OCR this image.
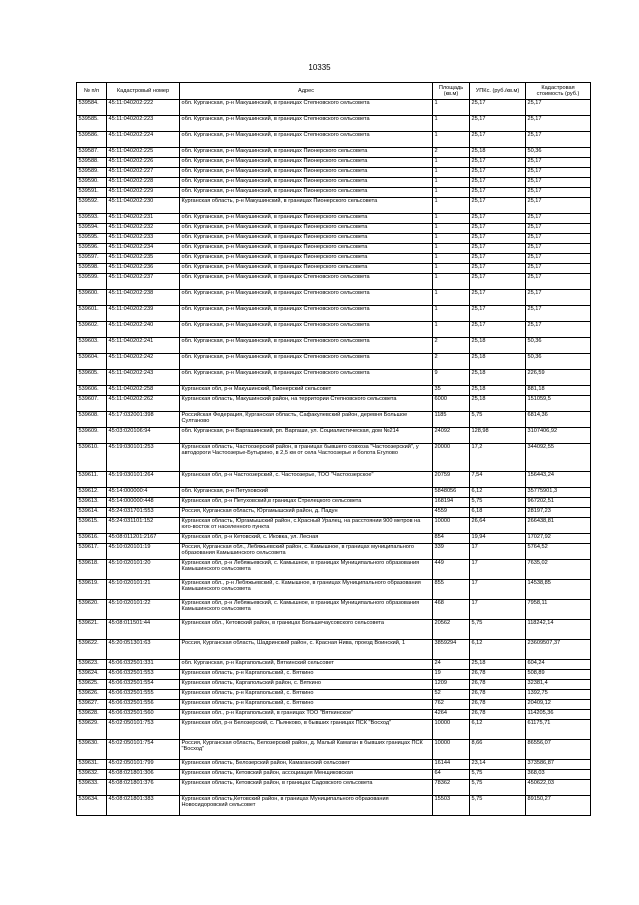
10335
№ п/п	Кадастровый номер	Адрес	Площадь (кв.м)	УПКс. (руб./кв.м)	Кадастровая стоимость (руб.)
539584.	45:11:040202:222	обл. Курганская, р-н Макушинский, в границах Степновского сельсовета	1	25,17	25,17
539585.	45:11:040202:223	обл. Курганская, р-н Макушинский, в границах Степновского сельсовета	1	25,17	25,17
539586.	45:11:040202:224	обл. Курганская, р-н Макушинский, в границах Степновского сельсовета	1	25,17	25,17
539587.	45:11:040202:225	обл. Курганская, р-н Макушинский, в границах Пионерского сельсовета	2	25,18	50,36
539588.	45:11:040202:226	обл. Курганская, р-н Макушинский, в границах Пионерского сельсовета	1	25,17	25,17
539589.	45:11:040202:227	обл. Курганская, р-н Макушинский, в границах Пионерского сельсовета	1	25,17	25,17
539590.	45:11:040202:228	обл. Курганская, р-н Макушинский, в границах Пионерского сельсовета	1	25,17	25,17
539591.	45:11:040202:229	обл. Курганская, р-н Макушинский, в границах Пионерского сельсовета	1	25,17	25,17
539592.	45:11:040202:230	Курганская область, р-н Макушинский, в границах Пионерского сельсовета	1	25,17	25,17
539593.	45:11:040202:231	обл. Курганская, р-н Макушинский, в границах Пионерского сельсовета	1	25,17	25,17
539594.	45:11:040202:232	обл. Курганская, р-н Макушинский, в границах Пионерского сельсовета	1	25,17	25,17
539595.	45:11:040202:233	обл. Курганская, р-н Макушинский, в границах Пионерского сельсовета	1	25,17	25,17
539596.	45:11:040202:234	обл. Курганская, р-н Макушинский, в границах Пионерского сельсовета	1	25,17	25,17
539597.	45:11:040202:235	обл. Курганская, р-н Макушинский, в границах Пионерского сельсовета	1	25,17	25,17
539598.	45:11:040202:236	обл. Курганская, р-н Макушинский, в границах Пионерского сельсовета	1	25,17	25,17
539599.	45:11:040202:237	обл. Курганская, р-н Макушинский, в границах Степновского сельсовета	1	25,17	25,17
539600.	45:11:040202:238	обл. Курганская, р-н Макушинский, в границах Степновского сельсовета	1	25,17	25,17
539601.	45:11:040202:239	обл. Курганская, р-н Макушинский, в границах Степновского сельсовета	1	25,17	25,17
539602.	45:11:040202:240	обл. Курганская, р-н Макушинский, в границах Степновского сельсовета	1	25,17	25,17
539603.	45:11:040202:241	обл. Курганская, р-н Макушинский, в границах Степновского сельсовета	2	25,18	50,36
539604.	45:11:040202:242	обл. Курганская, р-н Макушинский, в границах Степновского сельсовета	2	25,18	50,36
539605.	45:11:040202:243	обл. Курганская, р-н Макушинский, в границах Степновского сельсовета	9	25,18	226,59
539606.	45:11:040202:258	Курганская обл, р-н Макушинский, Пионерский сельсовет	35	25,18	881,18
539607.	45:11:040202:262	Курганская область, Макушинский район, на территории Степновского сельсовета	6000	25,18	151059,5
539608.	45:17:032001:398	Российская Федерация, Курганская область, Сафакулевский район, деревня Большое Султаново	1185	5,75	6814,36
539609.	45:03:020106:94	обл. Курганская, р-н Варгашинский, рп. Варгаши, ул. Социалистическая, дом №214	24092	128,98	3107406,92
539610.	45:19:030101:253	Курганская область, Частоозерский район, в границах бывшего совхоза "Частоозерский", у автодороги Частоозерье-Бутырино, в 2,5 км от села Частоозерье и болота Егулово	20000	17,2	344092,55
539611.	45:19:030101:264	Курганская обл, р-н Частоозерский, с. Частоозерье, ТОО "Частоозерское"	20759	7,54	156443,24
539612.	45:14:000000:4	обл. Курганская, р-н Петуховский	5848056	6,12	35775901,3
539613.	45:14:000000:448	Курганская обл, р-н Петуховский,в границах Стрелецкого сельсовета	168194	5,75	967202,51
539614.	45:24:031701:553	Россия, Курганская область, Юргамышский район, д. Падун	4559	6,18	28197,23
539615.	45:24:031101:152	Курганская область, Юргамышский район, с.Красный Уралец, на расстоянии 900 метров на юго-восток от населенного пункта	10000	26,64	266438,81
539616.	45:08:011201:2167	Курганская обл, р-н Кетовский, с. Иковка, ул. Лесная	854	19,94	17027,92
539617.	45:10:020101:19	Россия, Курганская обл., Лебяжьевский район, с. Камышное, в границах муниципального образования Камышинского сельсовета	339	17	5764,52
539618.	45:10:020101:20	Курганская обл, р-н Лебяжьевский, с. Камышное, в границах Муниципального образования Камышинского сельсовета	449	17	7635,02
539619.	45:10:020101:21	Курганская обл., р-н Лебяжьевский, с. Камышное, в границах Муниципального образования Камышинского сельсовета	855	17	14538,85
539620.	45:10:020101:22	Курганская обл, р-н Лебяжьевский, с. Камышное, в границах Муниципального образования Камышинского сельсовета	468	17	7958,11
539621.	45:08:011501:44	Курганская обл., Кетовский район, в границах Большечаусовского сельсовета	20562	5,75	118242,14
539622.	45:20:051301:63	Россия, Курганская область, Шадринский район, с. Красная Нива, проезд Воинский, 1	3859294	6,12	23609507,37
539623.	45:06:032501:331	обл. Курганская, р-н Каргапольский, Вяткинский сельсовет	24	25,18	604,24
539624.	45:06:032501:553	Курганская область, р-н Каргапольский, с. Вяткино	19	26,78	508,89
539625.	45:06:032501:554	Курганская область, Каргапольский район, с. Вяткино	1209	26,78	32381,4
539626.	45:06:032501:555	Курганская область, р-н Каргапольский, с. Вяткино	52	26,78	1392,75
539627.	45:06:032501:556	Курганская область, р-н Каргапольский, с. Вяткино	762	26,78	20409,12
539628.	45:06:032501:560	Курганская обл., р-н Каргапольский, в границах ТОО "Вяткинское"	4264	26,78	114205,36
539629.	45:02:050101:753	Курганская обл, р-н Белозерский, с. Пьянково, в бывших границах ПСК "Восход"	10000	6,12	61175,71
539630.	45:02:050101:754	Россия, Курганская область, Белозерский район, д. Малый Камаган в бывших границах ПСК "Восход"	10000	8,66	86556,07
539631.	45:02:050101:799	Курганская область, Белозерский район, Камаганский сельсовет	16144	23,14	373586,87
539632.	45:08:021801:306	Курганская область, Кетовский район, ассоциация Менщиковская	64	5,75	368,03
539633.	45:08:021801:376	Курганская область, Кетовский район, в границах Садовского сельсовета	78362	5,75	450622,03
539634.	45:08:021801:383	Курганская область,Кетовский район, в границах Муниципального образования Новосидоровский сельсовет	15503	5,75	89150,27
